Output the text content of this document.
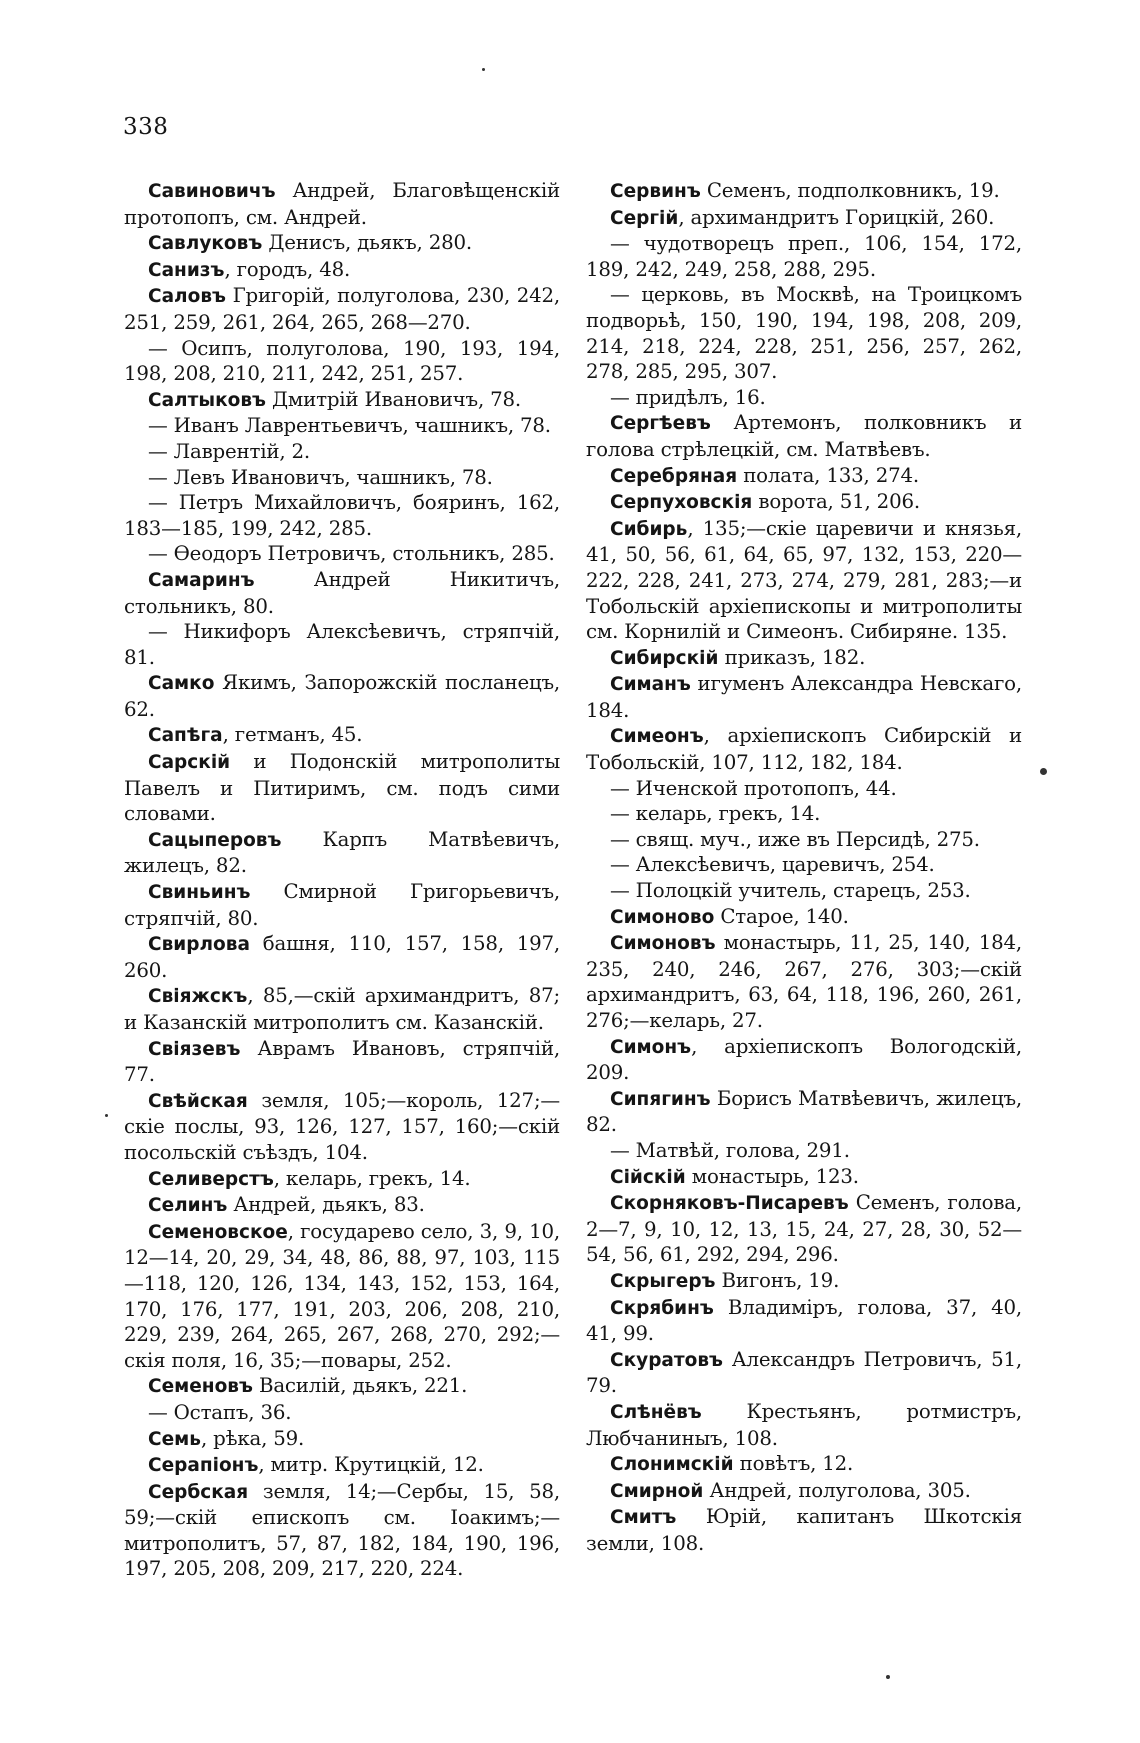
338

Савиновичъ Андрей, Благовѣщенскій протопопъ, см. Андрей.

Савлуковъ Денисъ, дьякъ, 280.

Санизъ, городъ, 48.

Саловъ Григорій, полуголова, 230, 242, 251, 259, 261, 264, 265, 268—270.

— Осипъ, полуголова, 190, 193, 194, 198, 208, 210, 211, 242, 251, 257.

Салтыковъ Дмитрій Ивановичъ, 78.

— Иванъ Лаврентьевичъ, чашникъ, 78.

— Лаврентій, 2.

— Левъ Ивановичъ, чашникъ, 78.

— Петръ Михайловичъ, бояринъ, 162, 183—185, 199, 242, 285.

— Ѳеодоръ Петровичъ, стольникъ, 285.

Самаринъ Андрей Никитичъ, стольникъ, 80.

— Никифоръ Алексѣевичъ, стряпчій, 81.

Самко Якимъ, Запорожскій посланецъ, 62.

Сапѣга, гетманъ, 45.

Сарскій и Подонскій митрополиты Павелъ и Питиримъ, см. подъ сими словами.

Сацыперовъ Карпъ Матвѣевичъ, жилецъ, 82.

Свиньинъ Смирной Григорьевичъ, стряпчій, 80.

Свирлова башня, 110, 157, 158, 197, 260.

Свіяжскъ, 85,—скій архимандритъ, 87; и Казанскій митрополитъ см. Казанскій.

Свіязевъ Аврамъ Ивановъ, стряпчій, 77.

Свѣйская земля, 105;—король, 127;—скіе послы, 93, 126, 127, 157, 160;—скій посольскій съѣздъ, 104.

Селиверстъ, келарь, грекъ, 14.

Селинъ Андрей, дьякъ, 83.

Семеновское, государево село, 3, 9, 10, 12—14, 20, 29, 34, 48, 86, 88, 97, 103, 115—118, 120, 126, 134, 143, 152, 153, 164, 170, 176, 177, 191, 203, 206, 208, 210, 229, 239, 264, 265, 267, 268, 270, 292;—скія поля, 16, 35;—повары, 252.

Семеновъ Василій, дьякъ, 221.

— Остапъ, 36.

Семь, рѣка, 59.

Серапіонъ, митр. Крутицкій, 12.

Сербская земля, 14;—Сербы, 15, 58, 59;—скій епископъ см. Іоакимъ;—митрополитъ, 57, 87, 182, 184, 190, 196, 197, 205, 208, 209, 217, 220, 224.

Сервинъ Семенъ, подполковникъ, 19.

Сергій, архимандритъ Горицкій, 260.

— чудотворецъ преп., 106, 154, 172, 189, 242, 249, 258, 288, 295.

— церковь, въ Москвѣ, на Троицкомъ подворьѣ, 150, 190, 194, 198, 208, 209, 214, 218, 224, 228, 251, 256, 257, 262, 278, 285, 295, 307.

— придѣлъ, 16.

Сергѣевъ Артемонъ, полковникъ и голова стрѣлецкій, см. Матвѣевъ.

Серебряная полата, 133, 274.

Серпуховскія ворота, 51, 206.

Сибирь, 135;—скіе царевичи и князья, 41, 50, 56, 61, 64, 65, 97, 132, 153, 220—222, 228, 241, 273, 274, 279, 281, 283;—и Тобольскій архіепископы и митрополиты см. Корнилій и Симеонъ. Сибиряне. 135.

Сибирскій приказъ, 182.

Симанъ игуменъ Александра Невскаго, 184.

Симеонъ, архіепископъ Сибирскій и Тобольскій, 107, 112, 182, 184.

— Иченской протопопъ, 44.

— келарь, грекъ, 14.

— свящ. муч., иже въ Персидѣ, 275.

— Алексѣевичъ, царевичъ, 254.

— Полоцкій учитель, старецъ, 253.

Симоново Старое, 140.

Симоновъ монастырь, 11, 25, 140, 184, 235, 240, 246, 267, 276, 303;—скій архимандритъ, 63, 64, 118, 196, 260, 261, 276;—келарь, 27.

Симонъ, архіепископъ Вологодскій, 209.

Сипягинъ Борисъ Матвѣевичъ, жилецъ, 82.

— Матвѣй, голова, 291.

Сійскій монастырь, 123.

Скорняковъ-Писаревъ Семенъ, голова, 2—7, 9, 10, 12, 13, 15, 24, 27, 28, 30, 52—54, 56, 61, 292, 294, 296.

Скрыгеръ Вигонъ, 19.

Скрябинъ Владиміръ, голова, 37, 40, 41, 99.

Скуратовъ Александръ Петровичъ, 51, 79.

Слѣнёвъ Крестьянъ, ротмистръ, Любчаниныъ, 108.

Слонимскій повѣтъ, 12.

Смирной Андрей, полуголова, 305.

Смитъ Юрій, капитанъ Шкотскія земли, 108.
